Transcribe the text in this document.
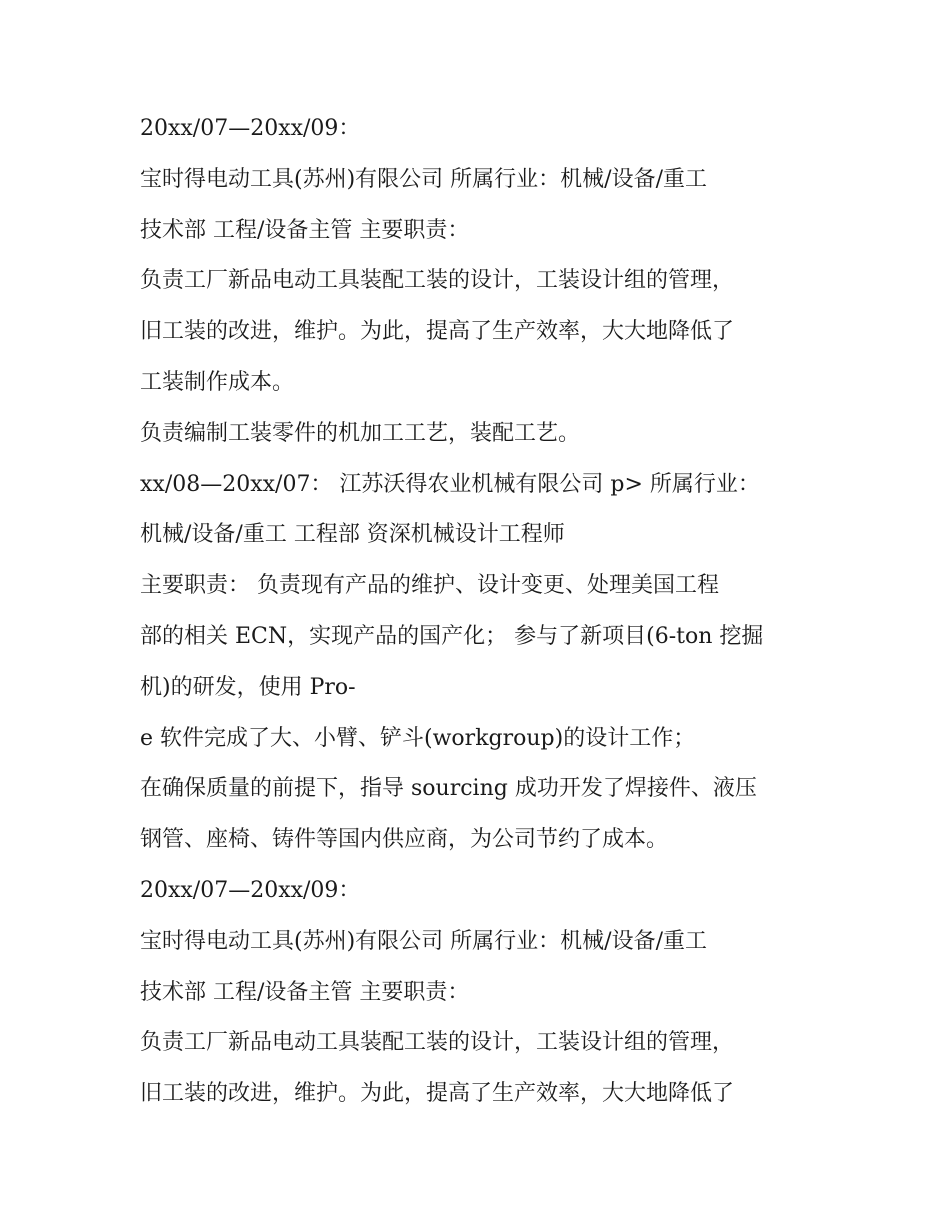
20xx/07—20xx/09：

宝时得电动工具(苏州)有限公司 所属行业：机械/设备/重工

技术部 工程/设备主管 主要职责：

负责工厂新品电动工具装配工装的设计，工装设计组的管理，

旧工装的改进，维护。为此，提高了生产效率，大大地降低了

工装制作成本。

负责编制工装零件的机加工工艺，装配工艺。

xx/08—20xx/07： 江苏沃得农业机械有限公司 p> 所属行业：

机械/设备/重工 工程部 资深机械设计工程师

主要职责： 负责现有产品的维护、设计变更、处理美国工程

部的相关 ECN，实现产品的国产化； 参与了新项目(6-ton 挖掘

机)的研发，使用 Pro-

e 软件完成了大、小臂、铲斗(workgroup)的设计工作；

在确保质量的前提下，指导 sourcing 成功开发了焊接件、液压

钢管、座椅、铸件等国内供应商，为公司节约了成本。

20xx/07—20xx/09：

宝时得电动工具(苏州)有限公司 所属行业：机械/设备/重工

技术部 工程/设备主管 主要职责：

负责工厂新品电动工具装配工装的设计，工装设计组的管理，

旧工装的改进，维护。为此，提高了生产效率，大大地降低了
